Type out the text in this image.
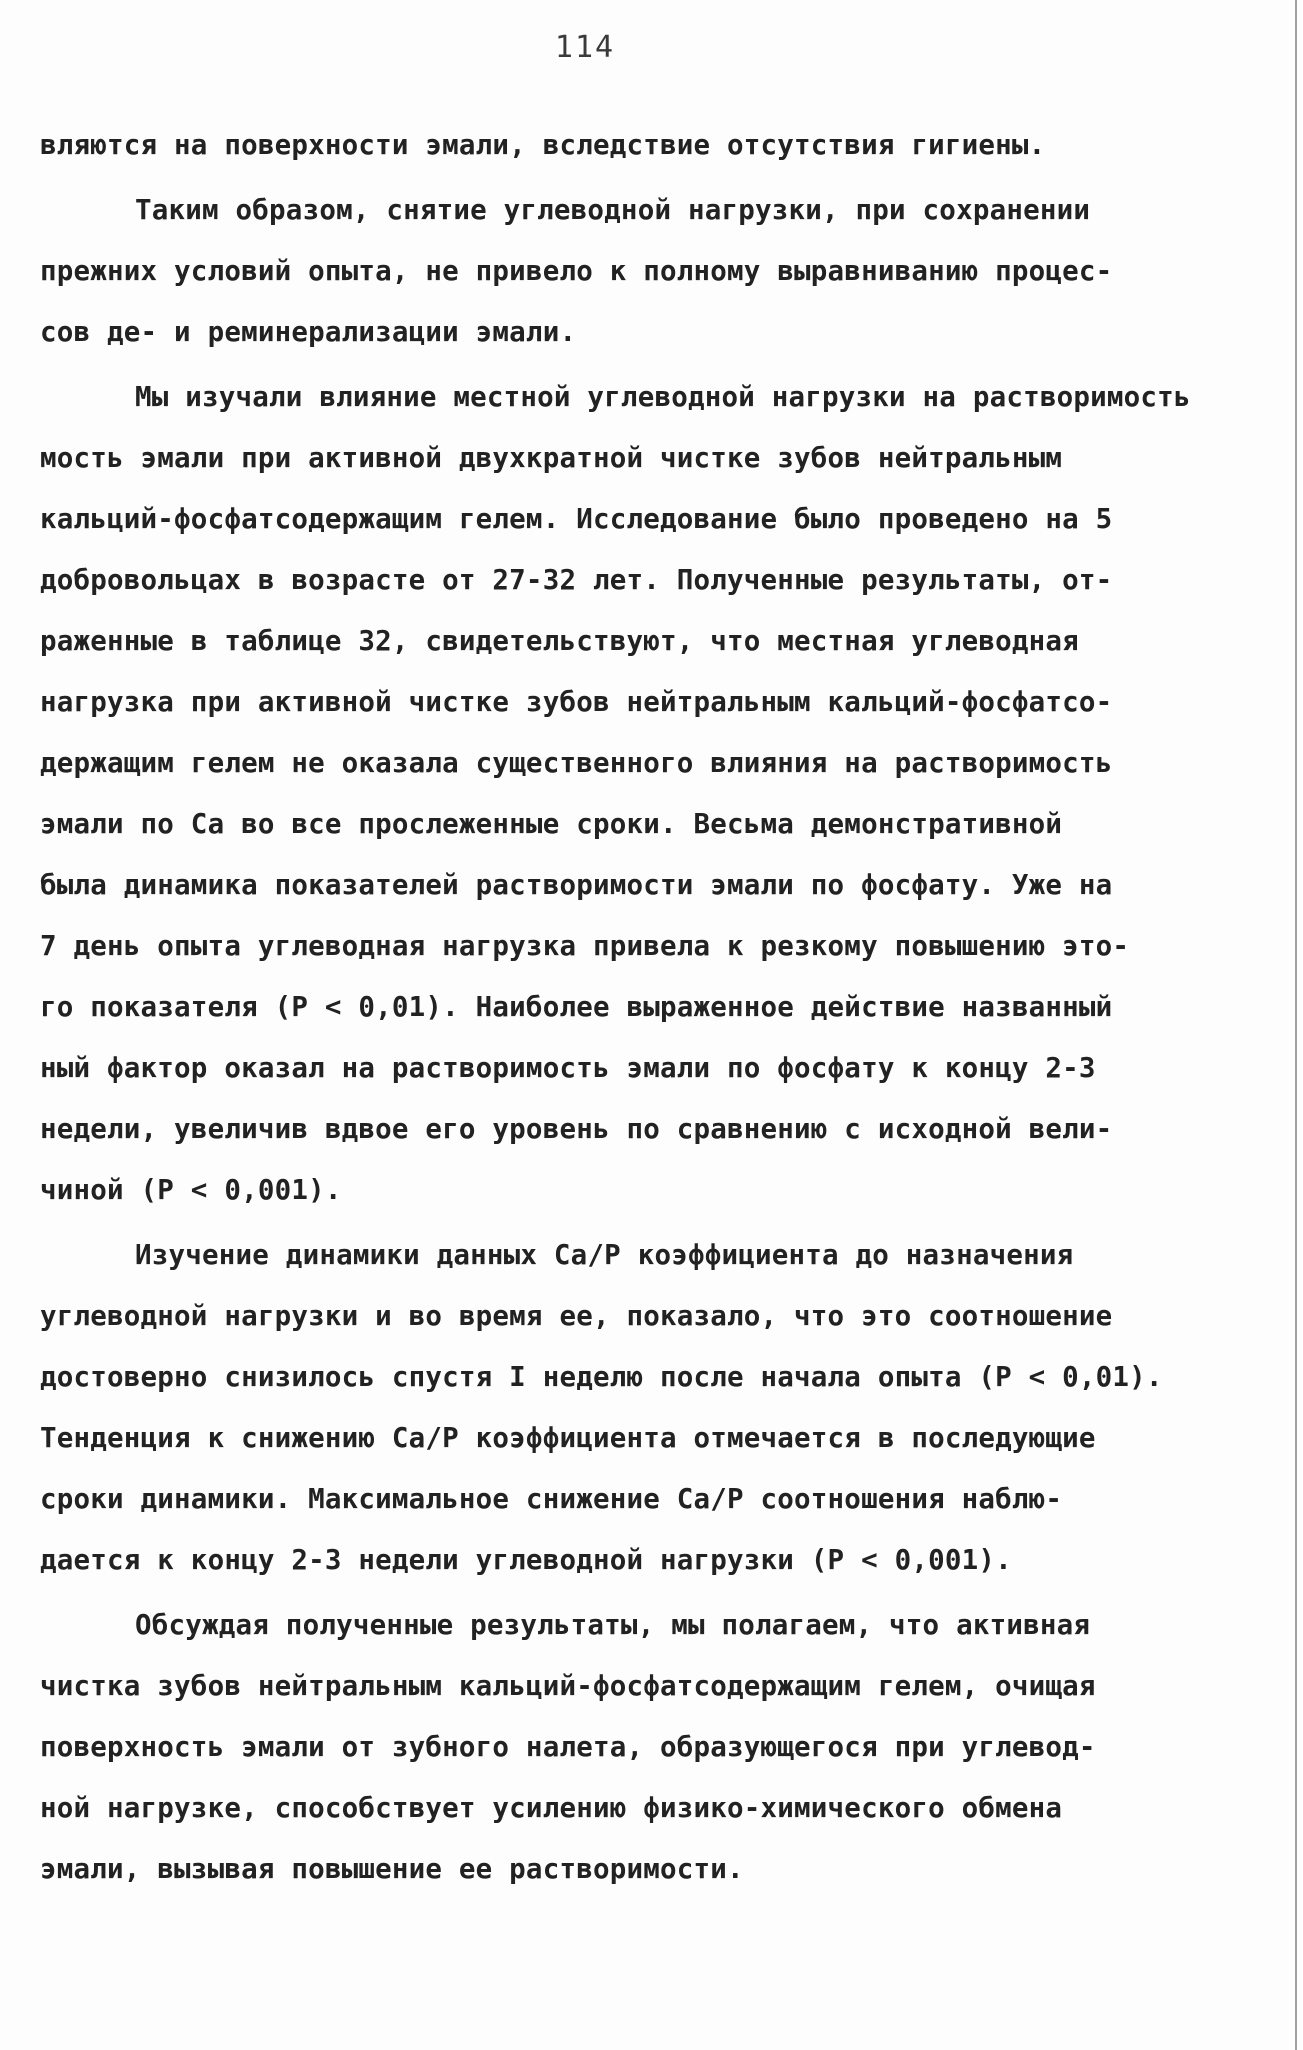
114
вляются на поверхности эмали, вследствие отсутствия гигиены.
Таким образом, снятие углеводной нагрузки, при сохранении
прежних условий опыта, не привело к полному выравниванию процес-
сов де- и реминерализации эмали.
Мы изучали влияние местной углеводной нагрузки на растворимость
мость эмали при активной двухкратной чистке зубов нейтральным
кальций-фосфатсодержащим гелем. Исследование было проведено на 5
добровольцах в возрасте от 27-32 лет. Полученные результаты, от-
раженные в таблице 32, свидетельствуют, что местная углеводная
нагрузка при активной чистке зубов нейтральным кальций-фосфатсо-
держащим гелем не оказала существенного влияния на растворимость
эмали по Ca во все прослеженные сроки. Весьма демонстративной
была динамика показателей растворимости эмали по фосфату. Уже на
7 день опыта углеводная нагрузка привела к резкому повышению это-
го показателя (P < 0,01). Наиболее выраженное действие названный
ный фактор оказал на растворимость эмали по фосфату к концу 2-3
недели, увеличив вдвое его уровень по сравнению с исходной вели-
чиной (P < 0,001).
Изучение динамики данных Ca/P коэффициента до назначения
углеводной нагрузки и во время ее, показало, что это соотношение
достоверно снизилось спустя I неделю после начала опыта (P < 0,01).
Тенденция к снижению Ca/P коэффициента отмечается в последующие
сроки динамики. Максимальное снижение Ca/P соотношения наблю-
дается к концу 2-3 недели углеводной нагрузки (P < 0,001).
Обсуждая полученные результаты, мы полагаем, что активная
чистка зубов нейтральным кальций-фосфатсодержащим гелем, очищая
поверхность эмали от зубного налета, образующегося при углевод-
ной нагрузке, способствует усилению физико-химического обмена
эмали, вызывая повышение ее растворимости.
